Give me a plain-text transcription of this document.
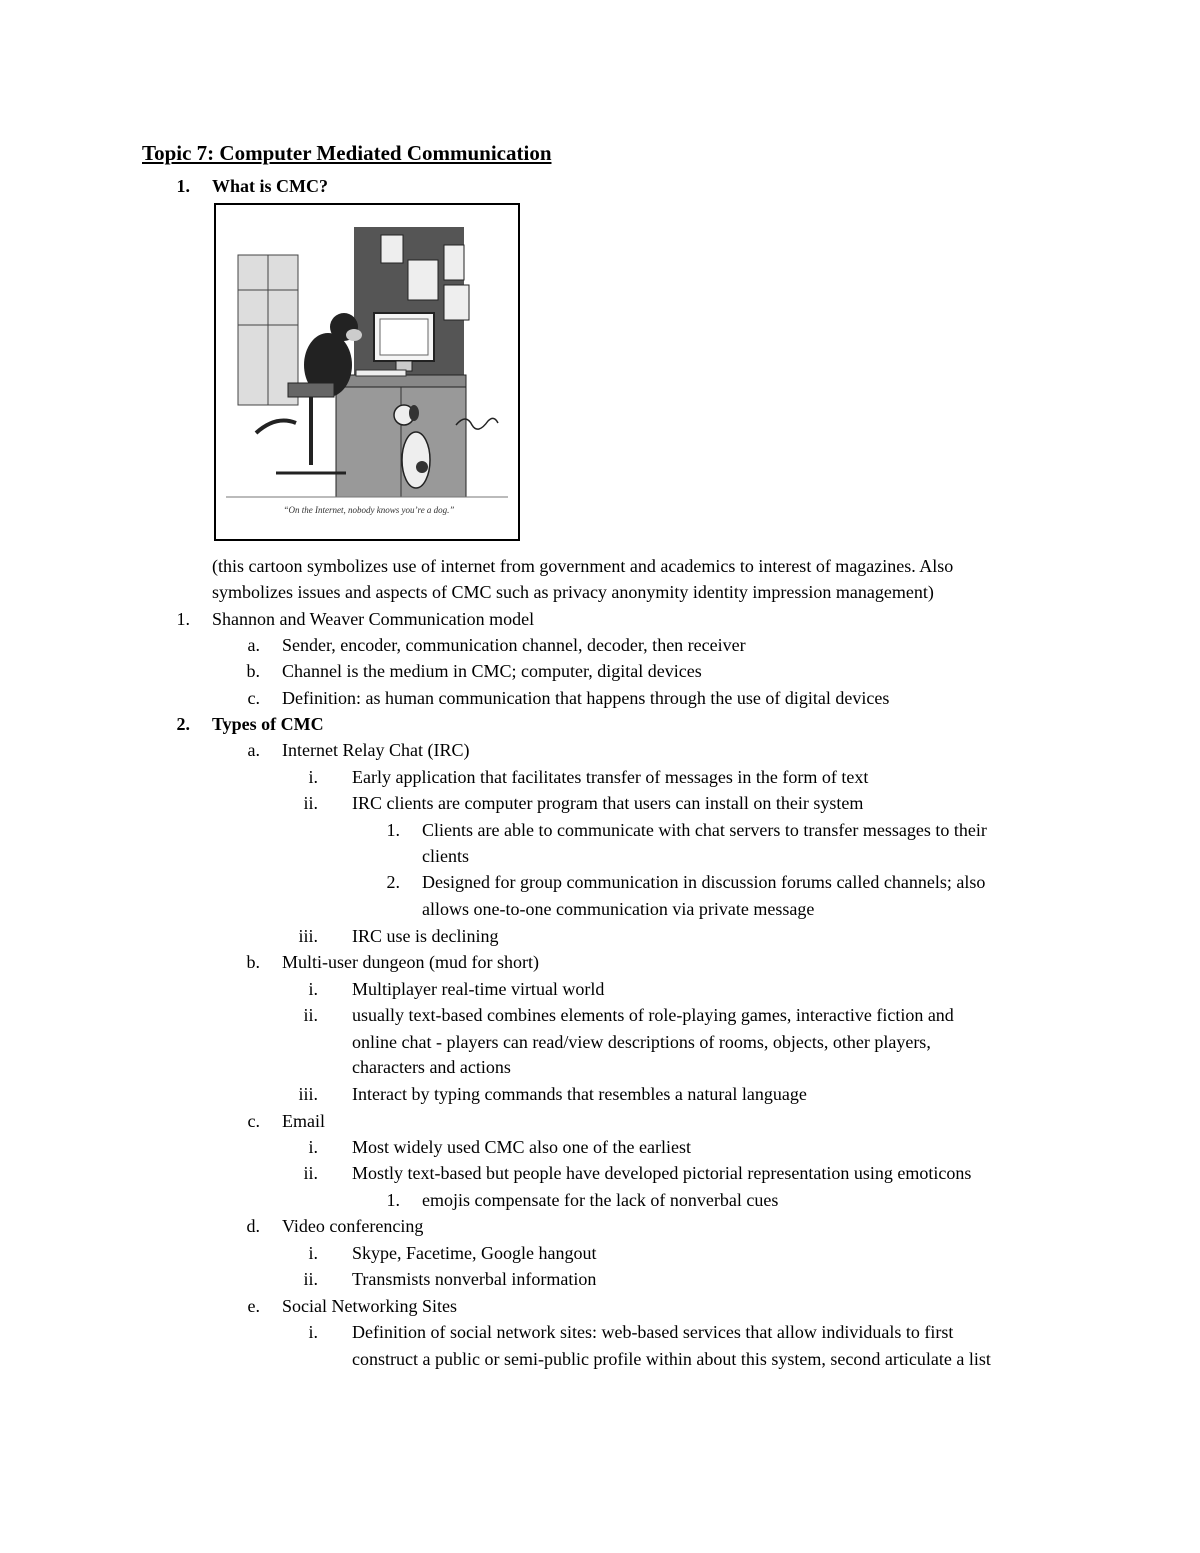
Topic 7: Computer Mediated Communication
1. What is CMC?
“On the Internet, nobody knows you’re a dog.”
(this cartoon symbolizes use of internet from government and academics to interest of magazines. Also
symbolizes issues and aspects of CMC such as privacy anonymity identity impression management)
1. Shannon and Weaver Communication model
a. Sender, encoder, communication channel, decoder, then receiver
b. Channel is the medium in CMC; computer, digital devices
c. Definition: as human communication that happens through the use of digital devices
2. Types of CMC
a. Internet Relay Chat (IRC)
i. Early application that facilitates transfer of messages in the form of text
ii. IRC clients are computer program that users can install on their system
1. Clients are able to communicate with chat servers to transfer messages to their
clients
2. Designed for group communication in discussion forums called channels; also
allows one-to-one communication via private message
iii. IRC use is declining
b. Multi-user dungeon (mud for short)
i. Multiplayer real-time virtual world
ii. usually text-based combines elements of role-playing games, interactive fiction and
online chat - players can read/view descriptions of rooms, objects, other players,
characters and actions
iii. Interact by typing commands that resembles a natural language
c. Email
i. Most widely used CMC also one of the earliest
ii. Mostly text-based but people have developed pictorial representation using emoticons
1. emojis compensate for the lack of nonverbal cues
d. Video conferencing
i. Skype, Facetime, Google hangout
ii. Transmists nonverbal information
e. Social Networking Sites
i. Definition of social network sites: web-based services that allow individuals to first
construct a public or semi-public profile within about this system, second articulate a list
